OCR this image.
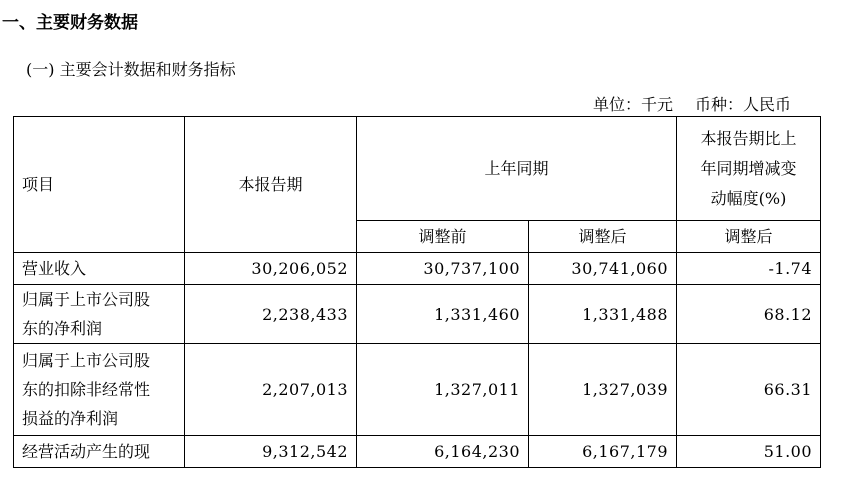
一、主要财务数据
(一) 主要会计数据和财务指标
单位：千元 币种：人民币
项目	本报告期	上年同期		本报告期比上
年同期增减变
动幅度(%)

		调整前	调整后	调整后

营业收入	30,206,052	30,737,100	30,741,060	-1.74

归属于上市公司股
东的净利润	2,238,433	1,331,460	1,331,488	68.12

归属于上市公司股
东的扣除非经常性
损益的净利润	2,207,013	1,327,011	1,327,039	66.31

经营活动产生的现	9,312,542	6,164,230	6,167,179	51.00
